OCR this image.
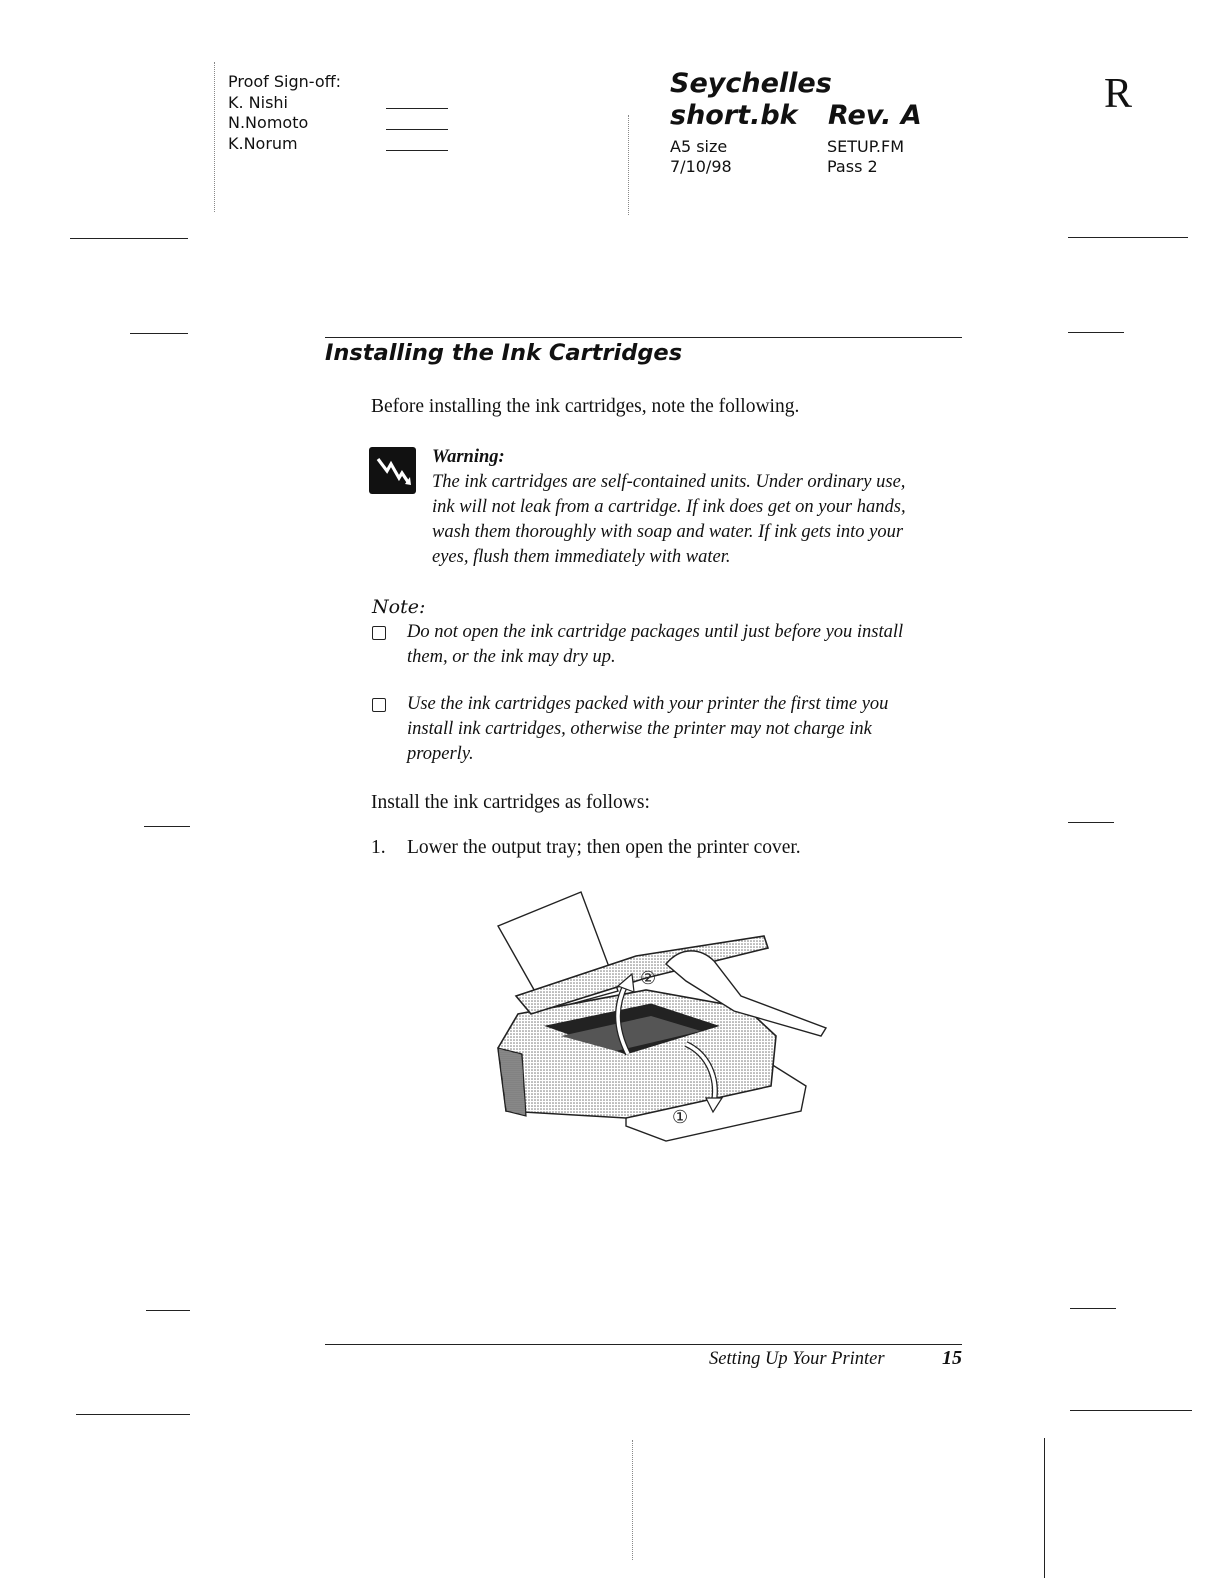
Proof Sign-off:
K. Nishi
N.Nomoto
K.Norum
Seychelles
short.bk Rev. A
A5 size
7/10/98
SETUP.FM
Pass 2
R
Installing the Ink Cartridges
Before installing the ink cartridges, note the following.
Warning:
The ink cartridges are self-contained units. Under ordinary use,
ink will not leak from a cartridge. If ink does get on your hands,
wash them thoroughly with soap and water. If ink gets into your
eyes, flush them immediately with water.
Note:
Do not open the ink cartridge packages until just before you install
them, or the ink may dry up.
Use the ink cartridges packed with your printer the first time you
install ink cartridges, otherwise the printer may not charge ink
properly.
Install the ink cartridges as follows:
1. Lower the output tray; then open the printer cover.
②
①
Setting Up Your Printer	15
